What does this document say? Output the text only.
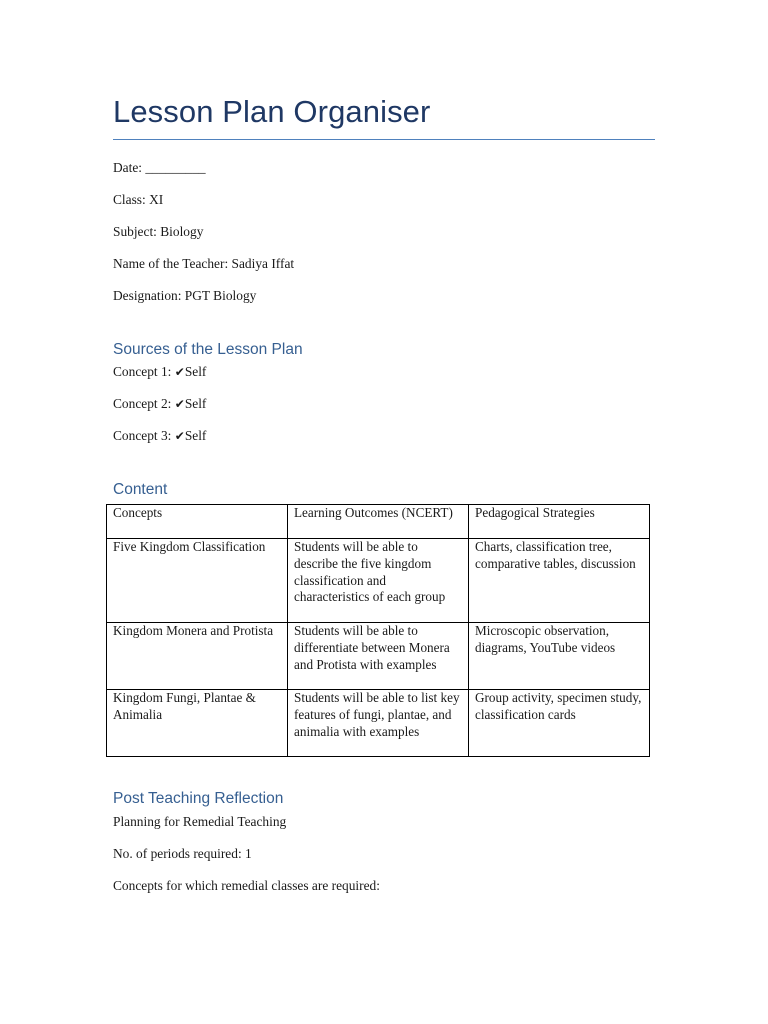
Lesson Plan Organiser
Date: _________
Class: XI
Subject: Biology
Name of the Teacher: Sadiya Iffat
Designation: PGT Biology
Sources of the Lesson Plan
Concept 1: ✔Self
Concept 2: ✔Self
Concept 3: ✔Self
Content
Concepts	Learning Outcomes (NCERT)	Pedagogical Strategies
Five Kingdom Classification	Students will be able to describe the five kingdom classification and characteristics of each group	Charts, classification tree, comparative tables, discussion
Kingdom Monera and Protista	Students will be able to differentiate between Monera and Protista with examples	Microscopic observation, diagrams, YouTube videos
Kingdom Fungi, Plantae & Animalia	Students will be able to list key features of fungi, plantae, and animalia with examples	Group activity, specimen study, classification cards
Post Teaching Reflection
Planning for Remedial Teaching
No. of periods required: 1
Concepts for which remedial classes are required:
